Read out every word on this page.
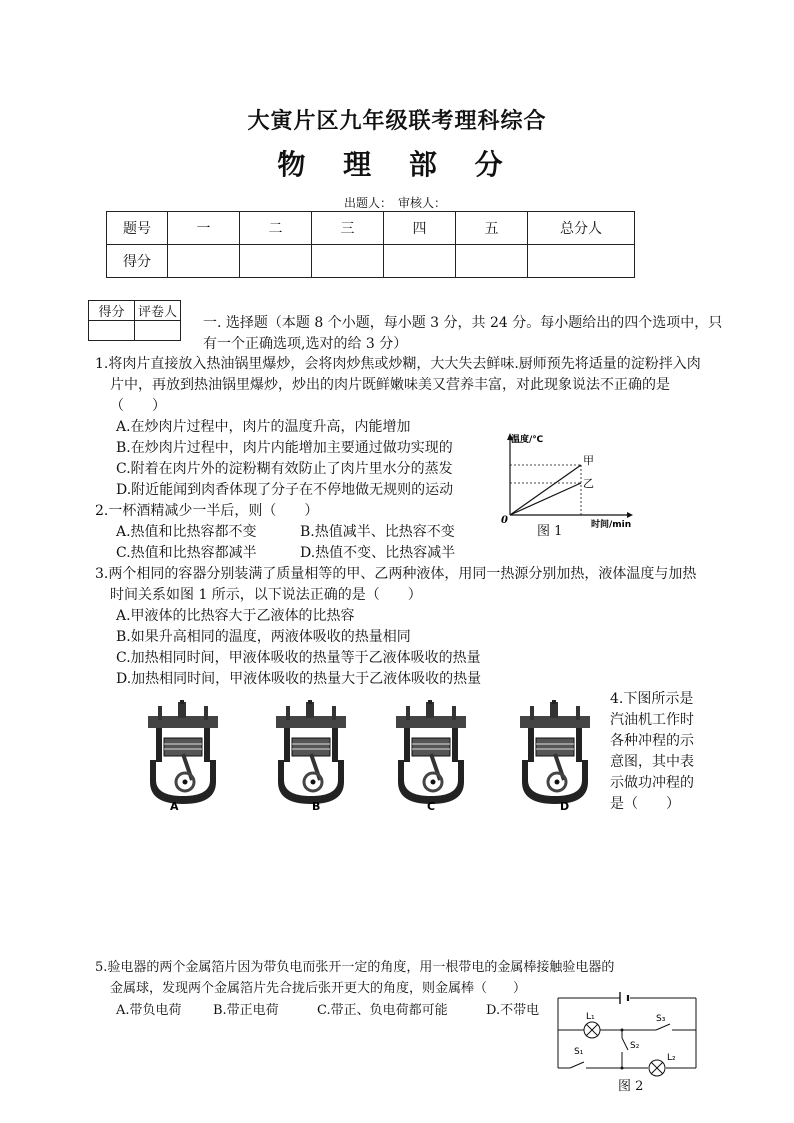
大寅片区九年级联考理科综合
物 理 部 分
出题人：　审核人：
题号	一	二	三	四	五	总分人
得分						
得分	评卷人

一. 选择题（本题 8 个小题，每小题 3 分，共 24 分。每小题给出的四个选项中，只
有一个正确选项,选对的给 3 分）
1.将肉片直接放入热油锅里爆炒，会将肉炒焦或炒糊，大大失去鲜味.厨师预先将适量的淀粉拌入肉
片中，再放到热油锅里爆炒，炒出的肉片既鲜嫩味美又营养丰富，对此现象说法不正确的是
（　　）
A.在炒肉片过程中，肉片的温度升高，内能增加
B.在炒肉片过程中，肉片内能增加主要通过做功实现的
C.附着在肉片外的淀粉糊有效防止了肉片里水分的蒸发
D.附近能闻到肉香体现了分子在不停地做无规则的运动
2.一杯酒精减少一半后，则（　　）
A.热值和比热容都不变	B.热值减半、比热容不变
C.热值和比热容都减半	D.热值不变、比热容减半
温度/℃
时间/min
0
甲
乙
图 1
3.两个相同的容器分别装满了质量相等的甲、乙两种液体，用同一热源分别加热，液体温度与加热
时间关系如图 1 所示，以下说法正确的是（　　）
A.甲液体的比热容大于乙液体的比热容
B.如果升高相同的温度，两液体吸收的热量相同
C.加热相同时间，甲液体吸收的热量等于乙液体吸收的热量
D.加热相同时间，甲液体吸收的热量大于乙液体吸收的热量
4.下图所示是
汽油机工作时
各种冲程的示
意图，其中表
示做功冲程的
是（　　）
A	B	C	D
5.验电器的两个金属箔片因为带负电而张开一定的角度，用一根带电的金属棒接触验电器的
金属球，发现两个金属箔片先合拢后张开更大的角度，则金属棒（　　）
A.带负电荷 B.带正电荷	C.带正、负电荷都可能	D.不带电	L₁	S₃
S₁
S₂
L₂
图 2
